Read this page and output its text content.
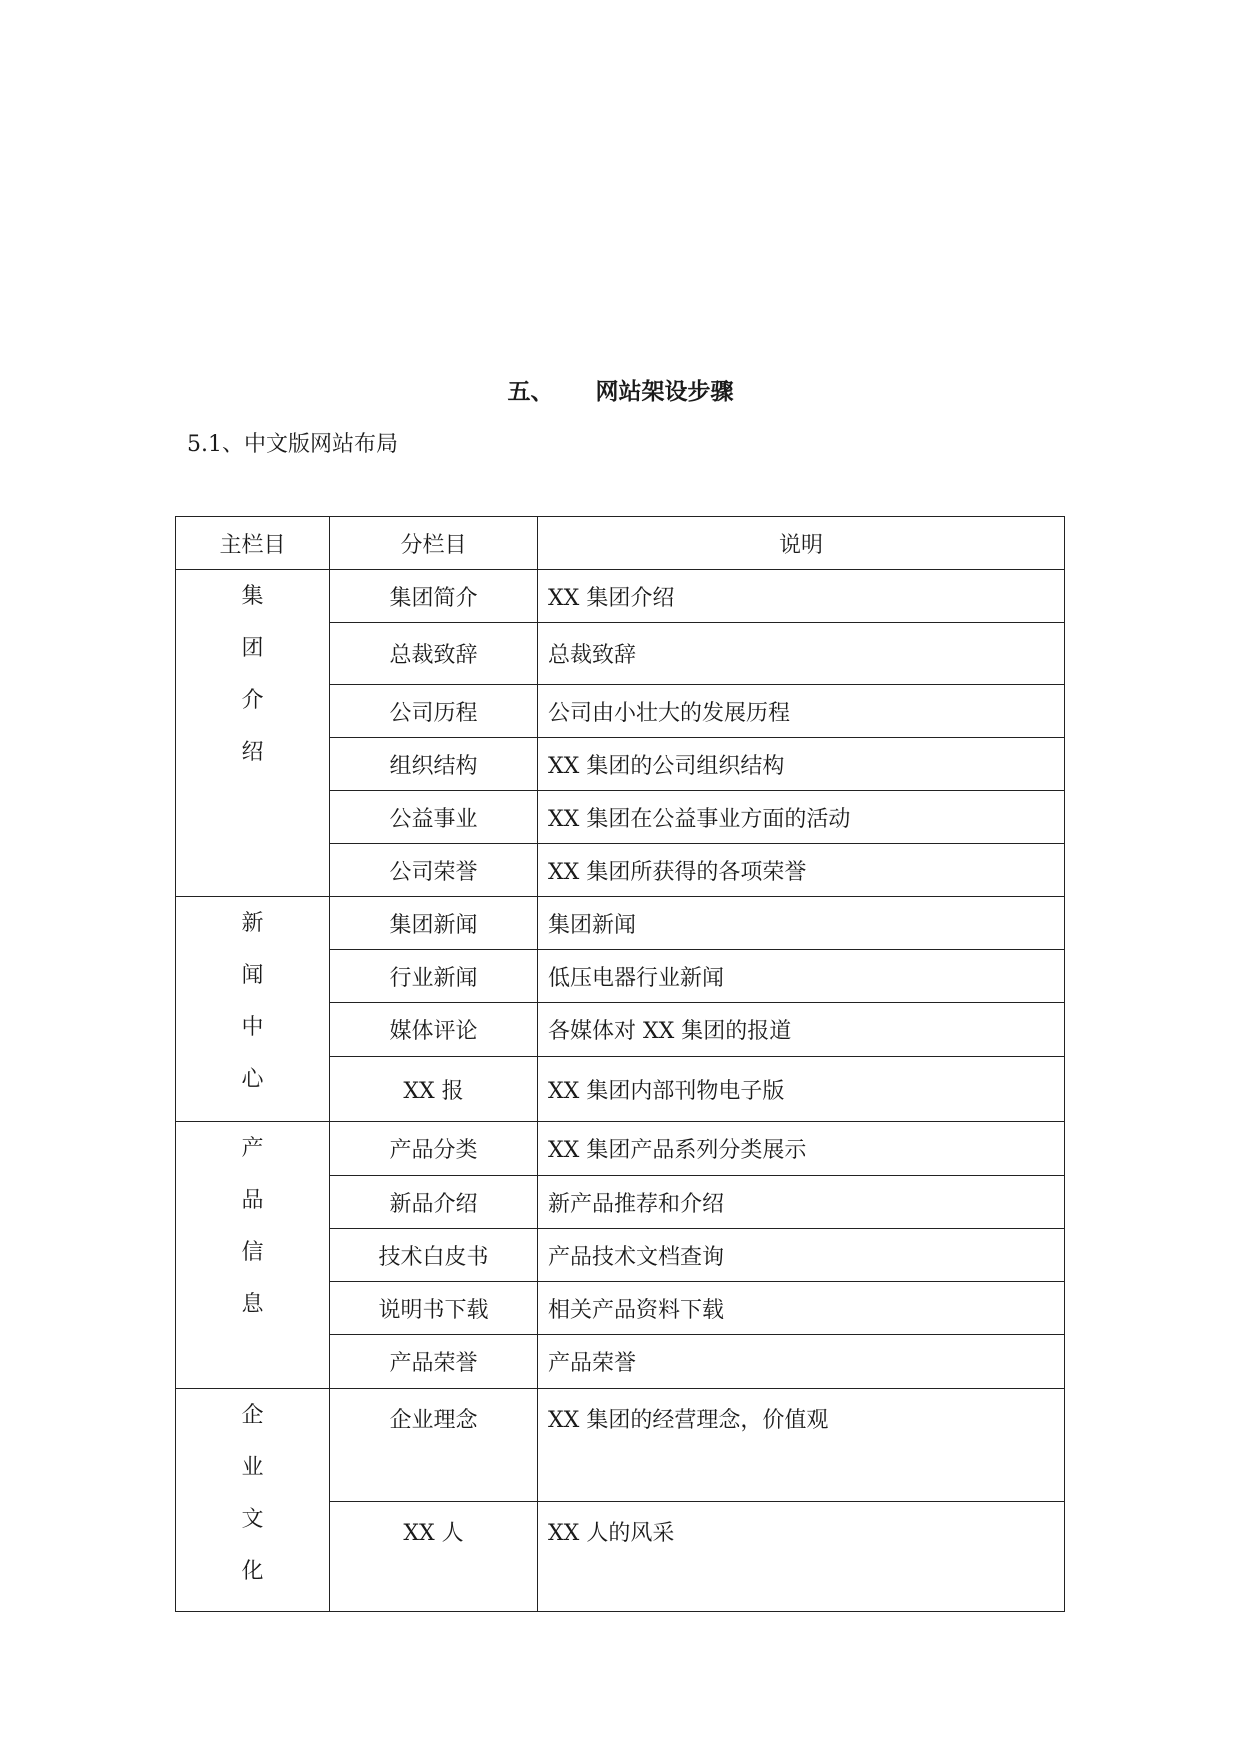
五、 网站架设步骤
5.1、中文版网站布局
主栏目	分栏目	说明

集
团
介
绍	集团简介	XX 集团介绍
	总裁致辞	总裁致辞
	公司历程	公司由小壮大的发展历程
	组织结构	XX 集团的公司组织结构
	公益事业	XX 集团在公益事业方面的活动
	公司荣誉	XX 集团所获得的各项荣誉

新
闻
中
心	集团新闻	集团新闻
	行业新闻	低压电器行业新闻
	媒体评论	各媒体对 XX 集团的报道
	XX 报	XX 集团内部刊物电子版

产
品
信
息	产品分类	XX 集团产品系列分类展示
	新品介绍	新产品推荐和介绍
	技术白皮书	产品技术文档查询
	说明书下载	相关产品资料下载
	产品荣誉	产品荣誉

企
业
文
化	企业理念	XX 集团的经营理念，价值观
	XX 人	XX 人的风采
